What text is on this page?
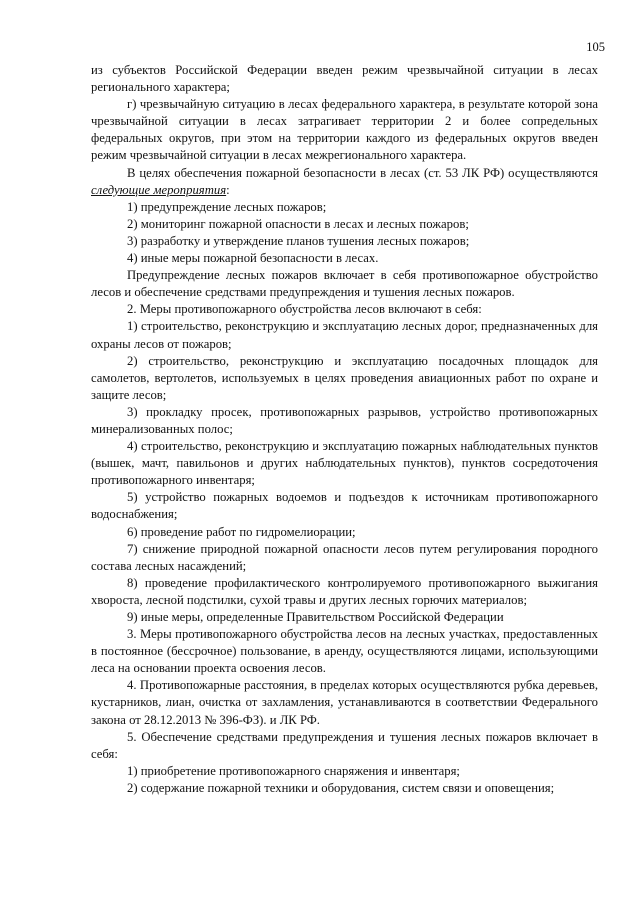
105

из субъектов Российской Федерации введен режим чрезвычайной ситуации в лесах регионального характера;

г) чрезвычайную ситуацию в лесах федерального характера, в результате которой зона чрезвычайной ситуации в лесах затрагивает территории 2 и более сопредельных федеральных округов, при этом на территории каждого из федеральных округов введен режим чрезвычайной ситуации в лесах межрегионального характера.

В целях обеспечения пожарной безопасности в лесах (ст. 53 ЛК РФ) осуществляются следующие мероприятия:

1) предупреждение лесных пожаров;

2) мониторинг пожарной опасности в лесах и лесных пожаров;

3) разработку и утверждение планов тушения лесных пожаров;

4) иные меры пожарной безопасности в лесах.

Предупреждение лесных пожаров включает в себя противопожарное обустройство лесов и обеспечение средствами предупреждения и тушения лесных пожаров.

2. Меры противопожарного обустройства лесов включают в себя:

1) строительство, реконструкцию и эксплуатацию лесных дорог, предназначенных для охраны лесов от пожаров;

2) строительство, реконструкцию и эксплуатацию посадочных площадок для самолетов, вертолетов, используемых в целях проведения авиационных работ по охране и защите лесов;

3) прокладку просек, противопожарных разрывов, устройство противопожарных минерализованных полос;

4) строительство, реконструкцию и эксплуатацию пожарных наблюдательных пунктов (вышек, мачт, павильонов и других наблюдательных пунктов), пунктов сосредоточения противопожарного инвентаря;

5) устройство пожарных водоемов и подъездов к источникам противопожарного водоснабжения;

6) проведение работ по гидромелиорации;

7) снижение природной пожарной опасности лесов путем регулирования породного состава лесных насаждений;

8) проведение профилактического контролируемого противопожарного выжигания хвороста, лесной подстилки, сухой травы и других лесных горючих материалов;

9) иные меры, определенные Правительством Российской Федерации

3. Меры противопожарного обустройства лесов на лесных участках, предоставленных в постоянное (бессрочное) пользование, в аренду, осуществляются лицами, использующими леса на основании проекта освоения лесов.

4. Противопожарные расстояния, в пределах которых осуществляются рубка деревьев, кустарников, лиан, очистка от захламления, устанавливаются в соответствии Федерального закона от 28.12.2013 № 396-ФЗ). и ЛК РФ.

5. Обеспечение средствами предупреждения и тушения лесных пожаров включает в себя:

1) приобретение противопожарного снаряжения и инвентаря;

2) содержание пожарной техники и оборудования, систем связи и оповещения;
